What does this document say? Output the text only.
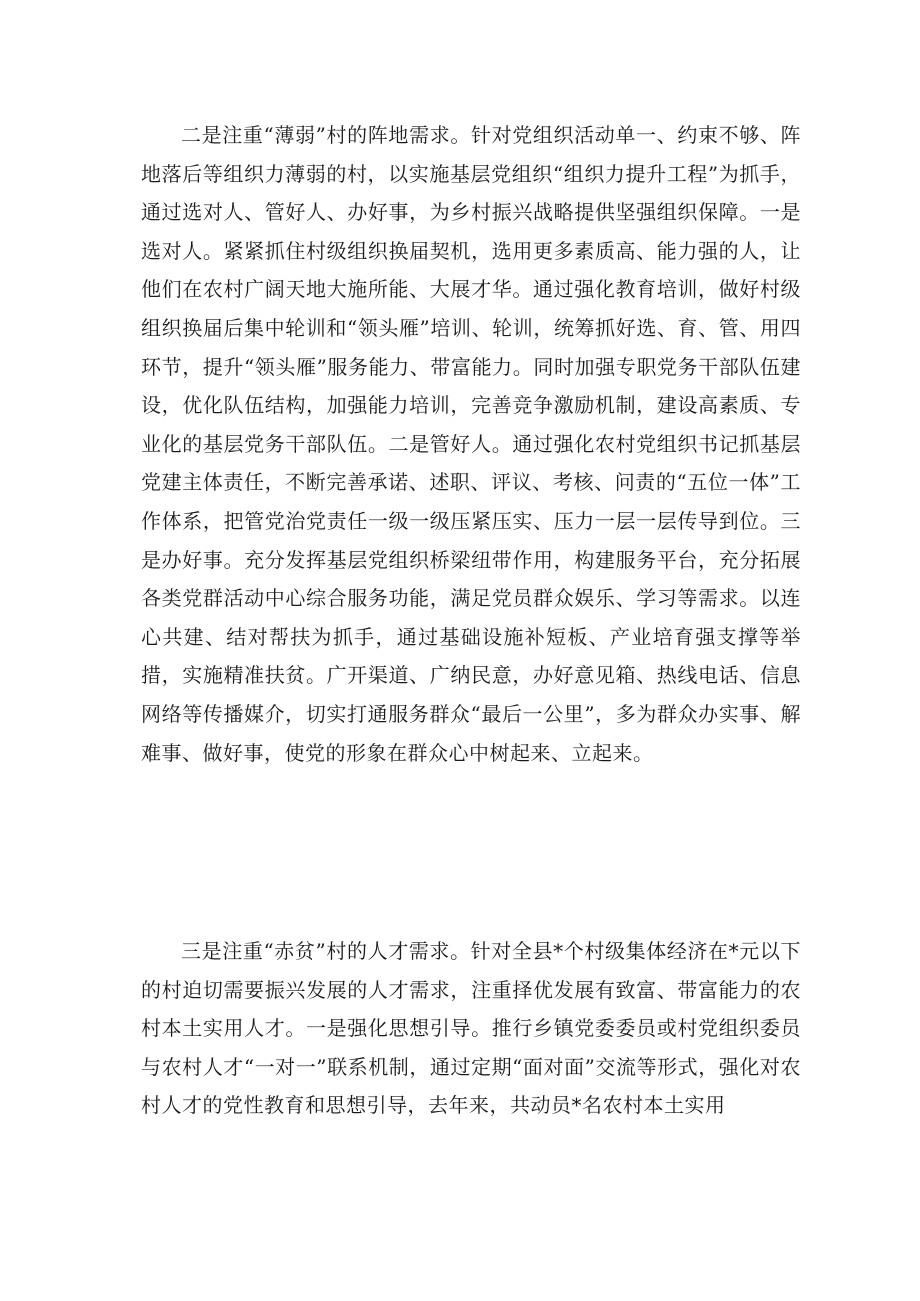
二是注重“薄弱”村的阵地需求。针对党组织活动单一、约束不够、阵地落后等组织力薄弱的村，以实施基层党组织“组织力提升工程”为抓手，通过选对人、管好人、办好事，为乡村振兴战略提供坚强组织保障。一是选对人。紧紧抓住村级组织换届契机，选用更多素质高、能力强的人，让他们在农村广阔天地大施所能、大展才华。通过强化教育培训，做好村级组织换届后集中轮训和“领头雁”培训、轮训，统筹抓好选、育、管、用四环节，提升“领头雁”服务能力、带富能力。同时加强专职党务干部队伍建设，优化队伍结构，加强能力培训，完善竞争激励机制，建设高素质、专业化的基层党务干部队伍。二是管好人。通过强化农村党组织书记抓基层党建主体责任，不断完善承诺、述职、评议、考核、问责的“五位一体”工作体系，把管党治党责任一级一级压紧压实、压力一层一层传导到位。三是办好事。充分发挥基层党组织桥梁纽带作用，构建服务平台，充分拓展各类党群活动中心综合服务功能，满足党员群众娱乐、学习等需求。以连心共建、结对帮扶为抓手，通过基础设施补短板、产业培育强支撑等举措，实施精准扶贫。广开渠道、广纳民意，办好意见箱、热线电话、信息网络等传播媒介，切实打通服务群众“最后一公里”，多为群众办实事、解难事、做好事，使党的形象在群众心中树起来、立起来。

三是注重“赤贫”村的人才需求。针对全县*个村级集体经济在*元以下的村迫切需要振兴发展的人才需求，注重择优发展有致富、带富能力的农村本土实用人才。一是强化思想引导。推行乡镇党委委员或村党组织委员与农村人才“一对一”联系机制，通过定期“面对面”交流等形式，强化对农村人才的党性教育和思想引导，去年来，共动员*名农村本土实用
